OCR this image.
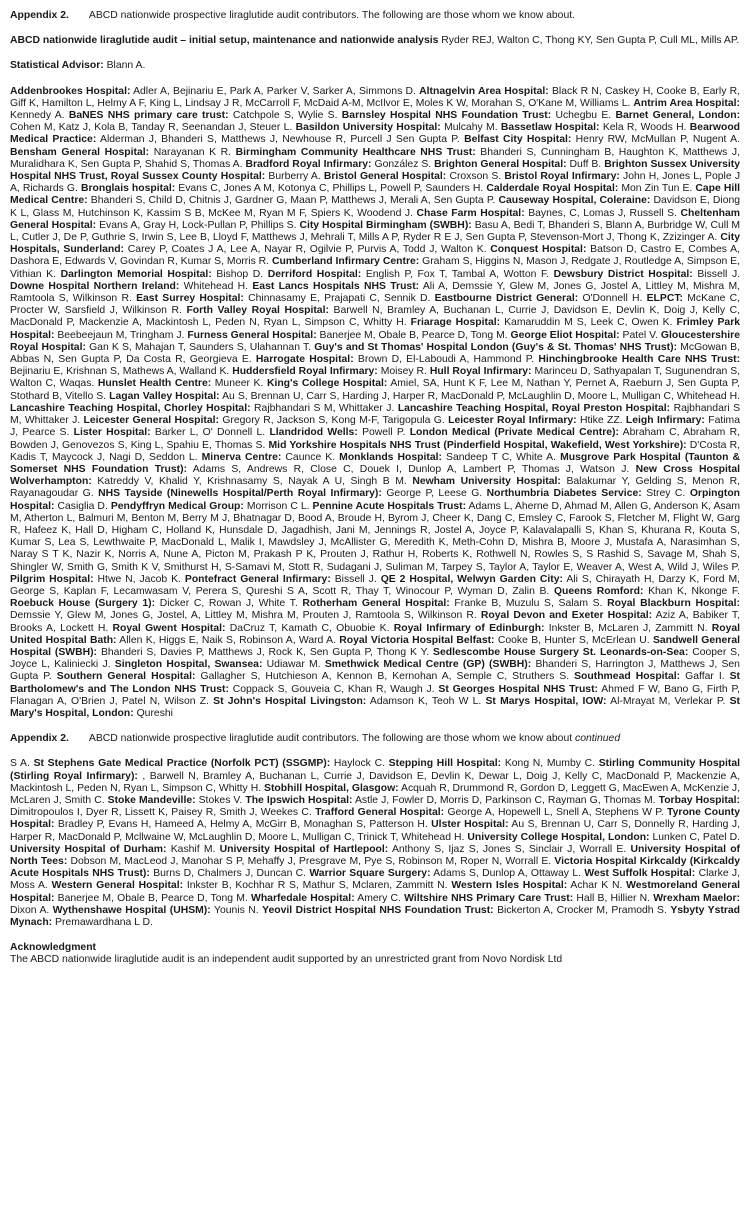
Appendix 2. ABCD nationwide prospective liraglutide audit contributors. The following are those whom we know about.
ABCD nationwide liraglutide audit – initial setup, maintenance and nationwide analysis Ryder REJ, Walton C, Thong KY, Sen Gupta P, Cull ML, Mills AP.
Statistical Advisor: Blann A.
Addenbrookes Hospital: Adler A, Bejinariu E, Park A, Parker V, Sarker A, Simmons D. Altnagelvin Area Hospital: Black R N, Caskey H, Cooke B, Early R, Giff K, Hamilton L, Helmy A F, King L, Lindsay J R, McCarroll F, McDaid A-M, McIlvor E, Moles K W, Morahan S, O'Kane M, Williams L. Antrim Area Hospital: Kennedy A. BaNES NHS primary care trust: Catchpole S, Wylie S. Barnsley Hospital NHS Foundation Trust: Uchegbu E. Barnet General, London: Cohen M, Katz J, Kola B, Tanday R, Seenandan J, Steuer L. Basildon University Hospital: Mulcahy M. Bassetlaw Hospital: Kela R, Woods H. Bearwood Medical Practice: Alderman J, Bhanderi S, Matthews J, Newhouse R, Purcell J Sen Gupta P. Belfast City Hospital: Henry RW, McMullan P, Nugent A. Bensham General Hospital: Narayanan K R. Birmingham Community Healthcare NHS Trust: Bhanderi S, Cunningham B, Haughton K, Matthews J, Muralidhara K, Sen Gupta P, Shahid S, Thomas A. Bradford Royal Infirmary: González S. Brighton General Hospital: Duff B. Brighton Sussex University Hospital NHS Trust, Royal Sussex County Hospital: Burberry A. Bristol General Hospital: Croxson S. Bristol Royal Infirmary: John H, Jones L, Pople J A, Richards G. Bronglais hospital: Evans C, Jones A M, Kotonya C, Phillips L, Powell P, Saunders H. Calderdale Royal Hospital: Mon Zin Tun E. Cape Hill Medical Centre: Bhanderi S, Child D, Chitnis J, Gardner G, Maan P, Matthews J, Merali A, Sen Gupta P. Causeway Hospital, Coleraine: Davidson E, Diong K L, Glass M, Hutchinson K, Kassim S B, McKee M, Ryan M F, Spiers K, Woodend J. Chase Farm Hospital: Baynes, C, Lomas J, Russell S. Cheltenham General Hospital: Evans A, Gray H, Lock-Pullan P, Phillips S. City Hospital Birmingham (SWBH): Basu A, Bedi T, Bhanderi S, Blann A, Burbridge W, Cull M L, Cutler J, De P, Guthrie S, Irwin S, Lee B, Lloyd F, Matthews J, Mehrali T, Mills A P, Ryder R E J, Sen Gupta P, Stevenson-Mort J, Thong K, Zzizinger A. City Hospitals, Sunderland: Carey P, Coates J A, Lee A, Nayar R, Ogilvie P, Purvis A, Todd J, Walton K. Conquest Hospital: Batson D, Castro E, Combes A, Dashora E, Edwards V, Govindan R, Kumar S, Morris R. Cumberland Infirmary Centre: Graham S, Higgins N, Mason J, Redgate J, Routledge A, Simpson E, Vithian K. Darlington Memorial Hospital: Bishop D. Derriford Hospital: English P, Fox T, Tambal A, Wotton F. Dewsbury District Hospital: Bissell J. Downe Hospital Northern Ireland: Whitehead H. East Lancs Hospitals NHS Trust: Ali A, Demssie Y, Glew M, Jones G, Jostel A, Littley M, Mishra M, Ramtoola S, Wilkinson R. East Surrey Hospital: Chinnasamy E, Prajapati C, Sennik D. Eastbourne District General: O'Donnell H. ELPCT: McKane C, Procter W, Sarsfield J, Wilkinson R. Forth Valley Royal Hospital: Barwell N, Bramley A, Buchanan L, Currie J, Davidson E, Devlin K, Doig J, Kelly C, MacDonald P, Mackenzie A, Mackintosh L, Peden N, Ryan L, Simpson C, Whitty H. Friarage Hospital: Kamaruddin M S, Leek C, Owen K. Frimley Park Hospital: Beebeejaun M, Tringham J. Furness General Hospital: Banerjee M, Obale B, Pearce D, Tong M. George Eliot Hospital: Patel V. Gloucestershire Royal Hospital: Gan K S, Mahajan T, Saunders S, Ulahannan T. Guy's and St Thomas' Hospital London (Guy's & St. Thomas' NHS Trust): McGowan B, Abbas N, Sen Gupta P, Da Costa R, Georgieva E. Harrogate Hospital: Brown D, El-Laboudi A, Hammond P. Hinchingbrooke Health Care NHS Trust: Bejinariu E, Krishnan S, Mathews A, Walland K. Huddersfield Royal Infirmary: Moisey R. Hull Royal Infirmary: Marinceu D, Sathyapalan T, Sugunendran S, Walton C, Waqas. Hunslet Health Centre: Muneer K. King's College Hospital: Amiel, SA, Hunt K F, Lee M, Nathan Y, Pernet A, Raeburn J, Sen Gupta P, Stothard B, Vitello S. Lagan Valley Hospital: Au S, Brennan U, Carr S, Harding J, Harper R, MacDonald P, McLaughlin D, Moore L, Mulligan C, Whitehead H. Lancashire Teaching Hospital, Chorley Hospital: Rajbhandari S M, Whittaker J. Lancashire Teaching Hospital, Royal Preston Hospital: Rajbhandari S M, Whittaker J. Leicester General Hospital: Gregory R, Jackson S, Kong M-F, Tarigopula G. Leicester Royal Infirmary: Htike ZZ. Leigh Infirmary: Fatima J, Pearce S. Lister Hospital: Barker L, O' Donnell L. Llandridod Wells: Powell P. London Medical (Private Medical Centre): Abraham C, Abraham R, Bowden J, Genovezos S, King L, Spahiu E, Thomas S. Mid Yorkshire Hospitals NHS Trust (Pinderfield Hospital, Wakefield, West Yorkshire): D'Costa R, Kadis T, Maycock J, Nagi D, Seddon L. Minerva Centre: Caunce K. Monklands Hospital: Sandeep T C, White A. Musgrove Park Hospital (Taunton & Somerset NHS Foundation Trust): Adams S, Andrews R, Close C, Douek I, Dunlop A, Lambert P, Thomas J, Watson J. New Cross Hospital Wolverhampton: Katreddy V, Khalid Y, Krishnasamy S, Nayak A U, Singh B M. Newham University Hospital: Balakumar Y, Gelding S, Menon R, Rayanagoudar G. NHS Tayside (Ninewells Hospital/Perth Royal Infirmary): George P, Leese G. Northumbria Diabetes Service: Strey C. Orpington Hospital: Casiglia D. Pendyffryn Medical Group: Morrison C L. Pennine Acute Hospitals Trust: Adams L, Aherne D, Ahmad M, Allen G, Anderson K, Asam M, Atherton L, Balmuri M, Benton M, Berry M J, Bhatnagar D, Bood A, Broude H, Byrom J, Cheer K, Dang C, Emsley C, Farook S, Fletcher M, Flight W, Garg R, Hafeez K, Hall D, Higham C, Holland K, Hunsdale D, Jagadhish, Jani M, Jennings R, Jostel A, Joyce P, Kalavalapalli S, Khan S, Khurana R, Kouta S, Kumar S, Lea S, Lewthwaite P, MacDonald L, Malik I, Mawdsley J, McAllister G, Meredith K, Meth-Cohn D, Mishra B, Moore J, Mustafa A, Narasimhan S, Naray S T K, Nazir K, Norris A, Nune A, Picton M, Prakash P K, Prouten J, Rathur H, Roberts K, Rothwell N, Rowles S, S Rashid S, Savage M, Shah S, Shingler W, Smith G, Smith K V, Smithurst H, S-Samavi M, Stott R, Sudagani J, Suliman M, Tarpey S, Taylor A, Taylor E, Weaver A, West A, Wild J, Wiles P. Pilgrim Hospital: Htwe N, Jacob K. Pontefract General Infirmary: Bissell J. QE 2 Hospital, Welwyn Garden City: Ali S, Chirayath H, Darzy K, Ford M, George S, Kaplan F, Lecamwasam V, Perera S, Qureshi S A, Scott R, Thay T, Winocour P, Wyman D, Zalin B. Queens Romford: Khan K, Nkonge F. Roebuck House (Surgery 1): Dicker C, Rowan J, White T. Rotherham General Hospital: Franke B, Muzulu S, Salam S. Royal Blackburn Hospital: Demssie Y, Glew M, Jones G, Jostel, A, Littley M, Mishra M, Prouten J, Ramtoola S, Wilkinson R. Royal Devon and Exeter Hospital: Aziz A, Babiker T, Brooks A, Lockett H. Royal Gwent Hospital: DaCruz T, Kamath C, Obuobie K. Royal Infirmary of Edinburgh: Inkster B, McLaren J, Zammitt N. Royal United Hospital Bath: Allen K, Higgs E, Naik S, Robinson A, Ward A. Royal Victoria Hospital Belfast: Cooke B, Hunter S, McErlean U. Sandwell General Hospital (SWBH): Bhanderi S, Davies P, Matthews J, Rock K, Sen Gupta P, Thong K Y. Sedlescombe House Surgery St. Leonards-on-Sea: Cooper S, Joyce L, Kaliniecki J. Singleton Hospital, Swansea: Udiawar M. Smethwick Medical Centre (GP) (SWBH): Bhanderi S, Harrington J, Matthews J, Sen Gupta P. Southern General Hospital: Gallagher S, Hutchieson A, Kennon B, Kernohan A, Semple C, Struthers S. Southmead Hospital: Gaffar I. St Bartholomew's and The London NHS Trust: Coppack S, Gouveia C, Khan R, Waugh J. St Georges Hospital NHS Trust: Ahmed F W, Bano G, Firth P, Flanagan A, O'Brien J, Patel N, Wilson Z. St John's Hospital Livingston: Adamson K, Teoh W L. St Marys Hospital, IOW: Al-Mrayat M, Verlekar P. St Mary's Hospital, London: Qureshi
Appendix 2. ABCD nationwide prospective liraglutide audit contributors. The following are those whom we know about continued
S A. St Stephens Gate Medical Practice (Norfolk PCT) (SSGMP): Haylock C. Stepping Hill Hospital: Kong N, Mumby C. Stirling Community Hospital (Stirling Royal Infirmary): , Barwell N, Bramley A, Buchanan L, Currie J, Davidson E, Devlin K, Dewar L, Doig J, Kelly C, MacDonald P, Mackenzie A, Mackintosh L, Peden N, Ryan L, Simpson C, Whitty H. Stobhill Hospital, Glasgow: Acquah R, Drummond R, Gordon D, Leggett G, MacEwen A, McKenzie J, McLaren J, Smith C. Stoke Mandeville: Stokes V. The Ipswich Hospital: Astle J, Fowler D, Morris D, Parkinson C, Rayman G, Thomas M. Torbay Hospital: Dimitropoulos I, Dyer R, Lissett K, Paisey R, Smith J, Weekes C. Trafford General Hospital: George A, Hopewell L, Snell A, Stephens W P. Tyrone County Hospital: Bradley P, Evans H, Hameed A, Helmy A, McGirr B, Monaghan S, Patterson H. Ulster Hospital: Au S, Brennan U, Carr S, Donnelly R, Harding J, Harper R, MacDonald P, Mcllwaine W, McLaughlin D, Moore L, Mulligan C, Trinick T, Whitehead H. University College Hospital, London: Lunken C, Patel D. University Hospital of Durham: Kashif M. University Hospital of Hartlepool: Anthony S, Ijaz S, Jones S, Sinclair J, Worrall E. University Hospital of North Tees: Dobson M, MacLeod J, Manohar S P, Mehaffy J, Presgrave M, Pye S, Robinson M, Roper N, Worrall E. Victoria Hospital Kirkcaldy (Kirkcaldy Acute Hospitals NHS Trust): Burns D, Chalmers J, Duncan C. Warrior Square Surgery: Adams S, Dunlop A, Ottaway L. West Suffolk Hospital: Clarke J, Moss A. Western General Hospital: Inkster B, Kochhar R S, Mathur S, Mclaren, Zammitt N. Western Isles Hospital: Achar K N. Westmoreland General Hospital: Banerjee M, Obale B, Pearce D, Tong M. Wharfedale Hospital: Amery C. Wiltshire NHS Primary Care Trust: Hall B, Hillier N. Wrexham Maelor: Dixon A. Wythenshawe Hospital (UHSM): Younis N. Yeovil District Hospital NHS Foundation Trust: Bickerton A, Crocker M, Pramodh S. Ysbyty Ystrad Mynach: Premawardhana L D.
Acknowledgment
The ABCD nationwide liraglutide audit is an independent audit supported by an unrestricted grant from Novo Nordisk Ltd
